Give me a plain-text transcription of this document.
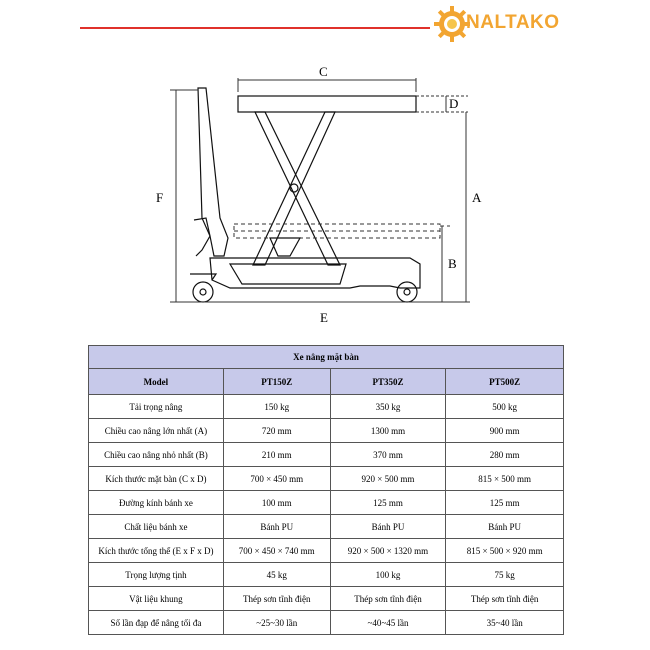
NALTAKO
C
D
F	A
B
E
Xe nâng mặt bàn			
Model	PT150Z	PT350Z	PT500Z
Tải trọng nâng	150 kg	350 kg	500 kg
Chiều cao nâng lớn nhất (A)	720 mm	1300 mm	900 mm
Chiều cao nâng nhỏ nhất (B)	210 mm	370 mm	280 mm
Kích thước mặt bàn (C x D)	700 × 450 mm	920 × 500 mm	815 × 500 mm
Đường kính bánh xe	100 mm	125 mm	125 mm
Chất liệu bánh xe	Bánh PU	Bánh PU	Bánh PU
Kích thước tổng thể (E x F x D)	700 × 450 × 740 mm	920 × 500 × 1320 mm	815 × 500 × 920 mm
Trọng lượng tịnh	45 kg	100 kg	75 kg
Vật liệu khung	Thép sơn tĩnh điện	Thép sơn tĩnh điện	Thép sơn tĩnh điện
Số lần đạp để nâng tối đa	~25~30 lần	~40~45 lần	35~40 lần
